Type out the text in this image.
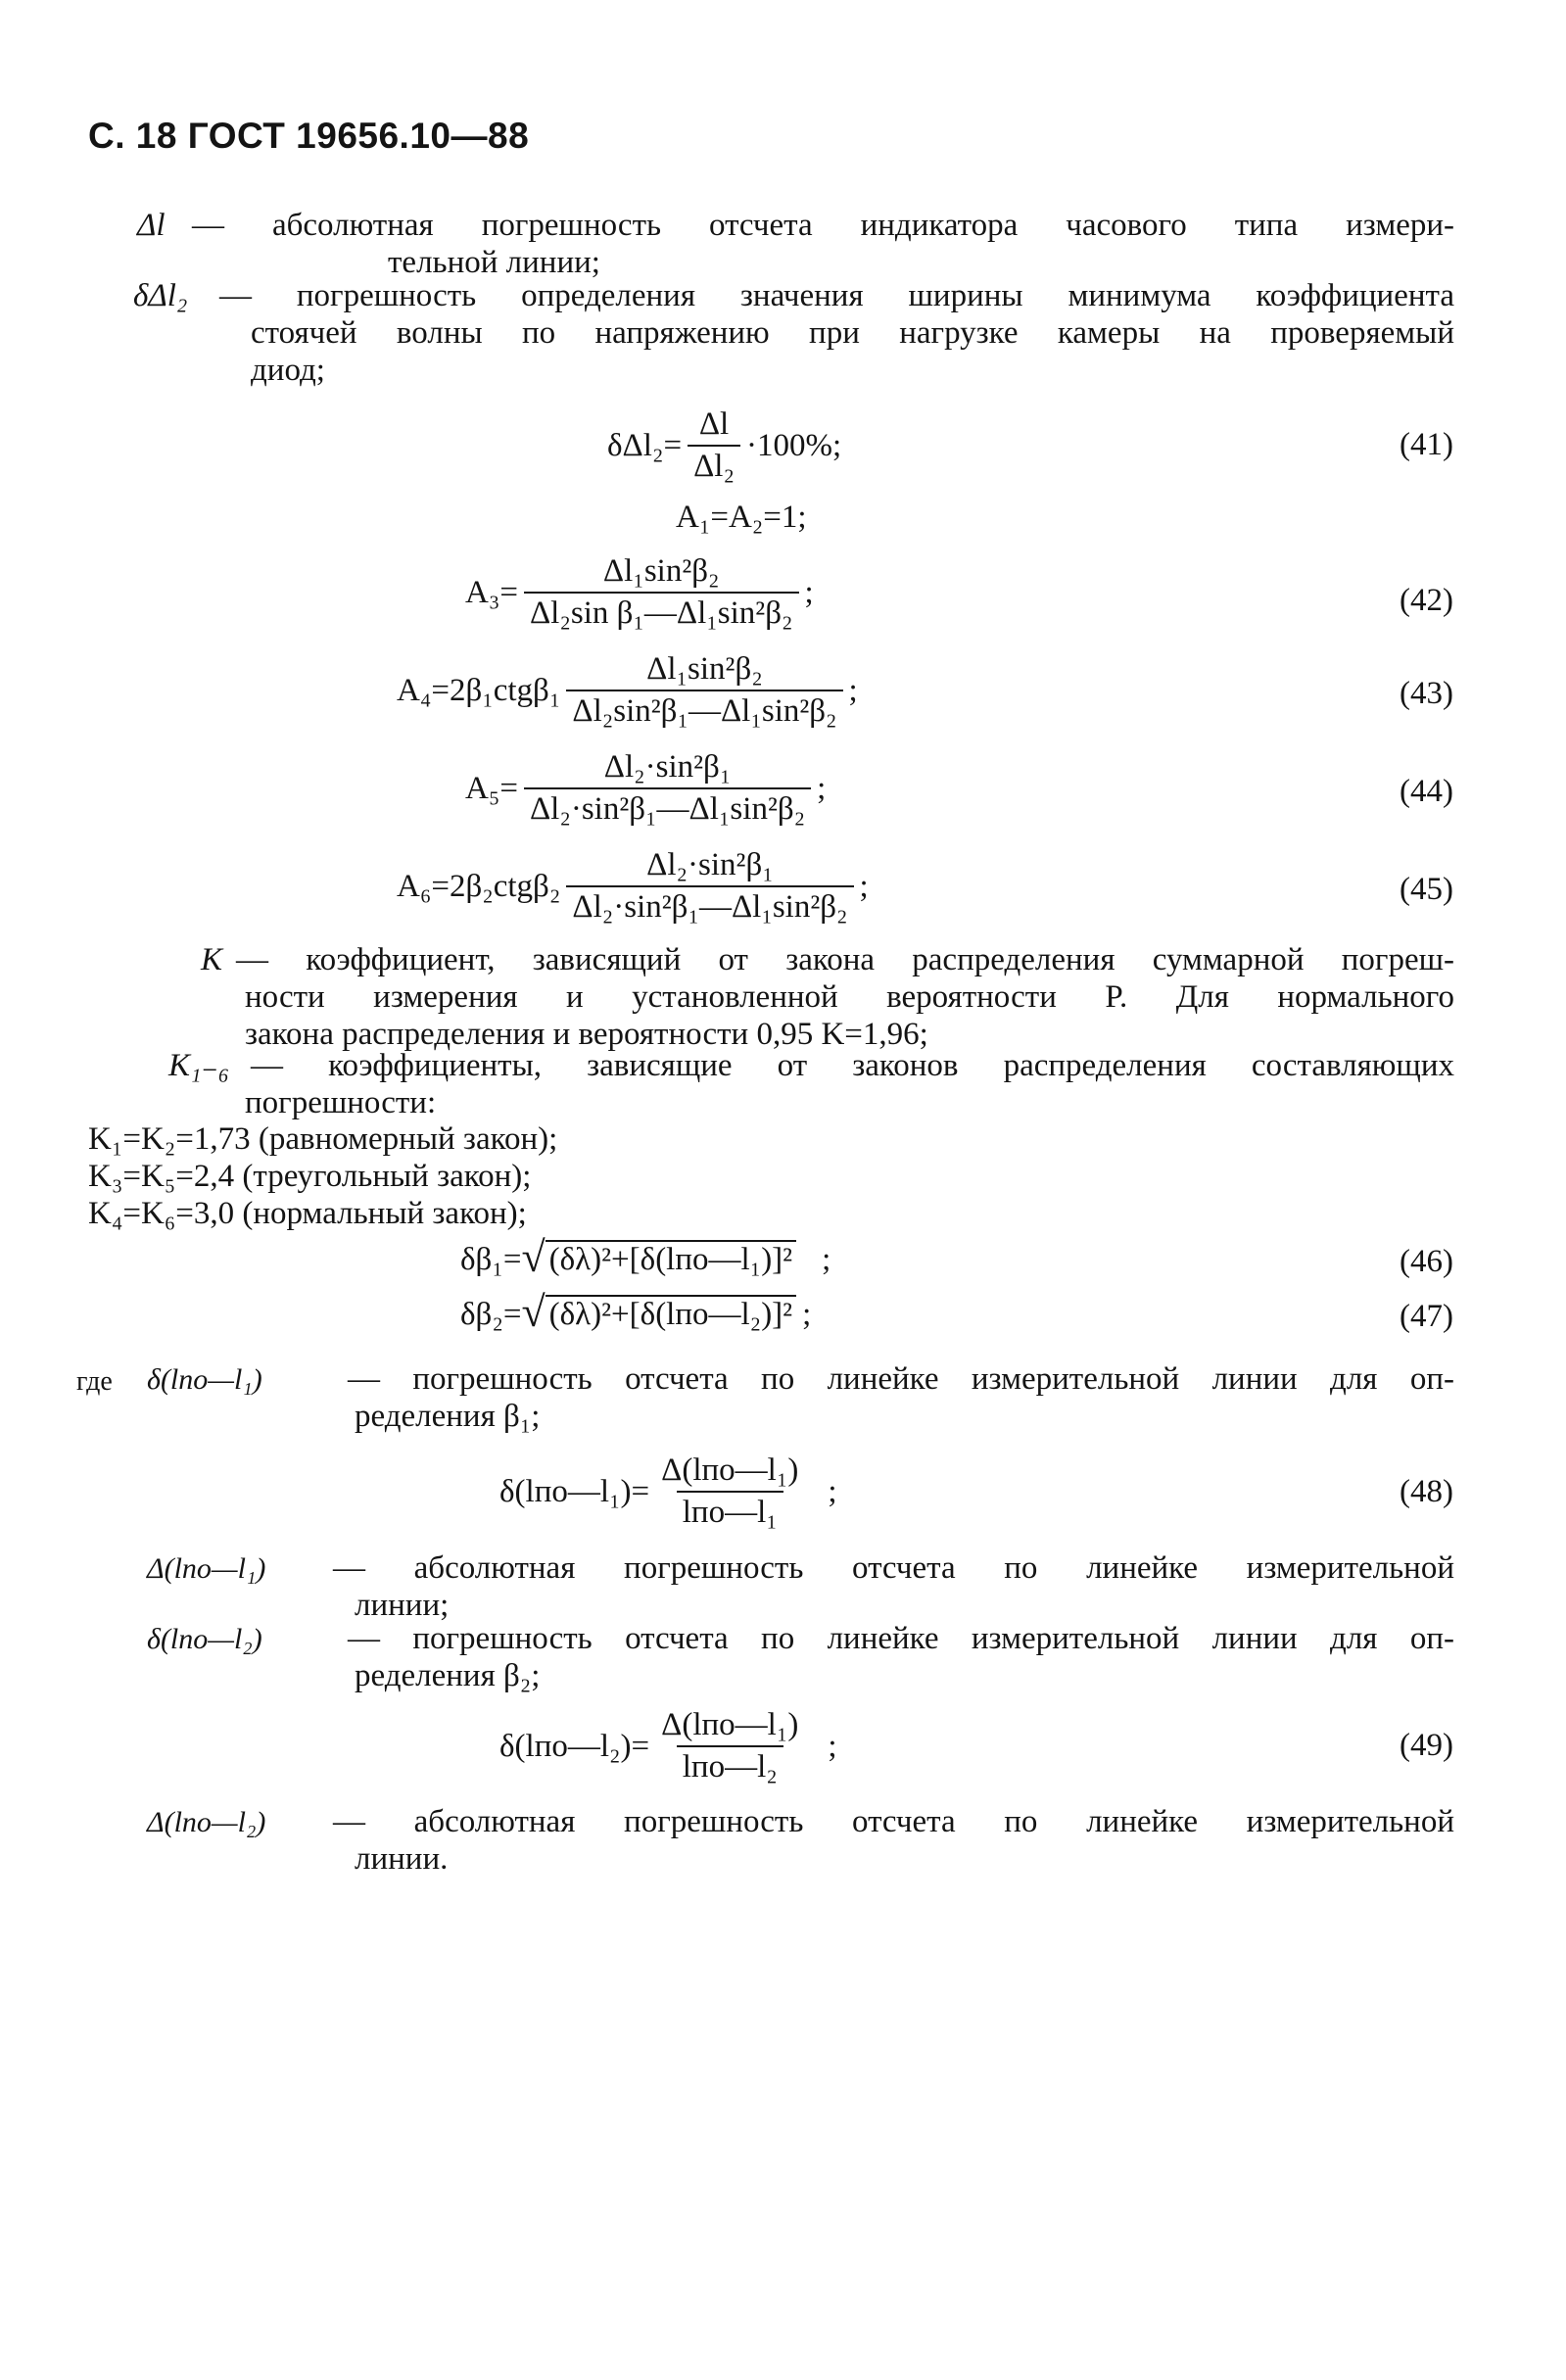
С. 18 ГОСТ 19656.10—88
Δl — абсолютная погрешность отсчета индикатора часового типа измери-
тельной линии;
δΔl₂ — погрешность определения значения ширины минимума коэффициента
стоячей волны по напряжению при нагрузке камеры на проверяемый
диод;
$\delta\Delta l_2= \frac{\Delta l}{\text{Δl₂}} \cdot 100\%$;	(41)
A₁=A₂=1;
$A_3= \frac{\text{Δl₁sin²β₂}}{\text{Δl₂sin β₁—Δl₁sin²β₂}}$ ;	(42)
$A_4=2\beta_1ctg\beta_1 \frac{\text{Δl₁sin²β₂}}{\text{Δl₂sin²β₁—Δl₁sin²β₂}}$ ;	(43)
$A_5= \frac{\text{Δl₂·sin²β₁}}{\text{Δl₂·sin²β₁—Δl₁sin²β₂}}$ ;	(44)
$A_6=2\beta_2ctg\beta_2 \frac{\text{Δl₂·sin²β₁}}{\text{Δl₂·sin²β₁—Δl₁sin²β₂}}$ ;	(45)
K — коэффициент, зависящий от закона распределения суммарной погреш-
ности измерения и установленной вероятности P. Для нормального
закона распределения и вероятности 0,95 K=1,96;
K₁₋₆ — коэффициенты, зависящие от законов распределения составляющих
погрешности:
K₁=K₂=1,73 (равномерный закон);
K₃=K₅=2,4 (треугольный закон);
K₄=K₆=3,0 (нормальный закон);
δβ₁= √ (δλ)²+[δ(lпо—l₁)]² ;	(46)
δβ₂= √ (δλ)²+[δ(lпо—l₂)]² ;	(47)
где δ(lпо—l₁)	— погрешность отсчета по линейке измерительной линии для оп-
ределения β₁;
δ(lпо—l₁)= $\frac{\text{Δ(lпо—l₁)}}{\text{lпо—l₁}}$ ;	(48)
Δ(lпо—l₁) — абсолютная погрешность отсчета по линейке измерительной
линии;
δ(lпо—l₂)	— погрешность отсчета по линейке измерительной линии для оп-
ределения β₂;
δ(lпо—l₂)= $\frac{\text{Δ(lпо—l₁)}}{\text{lпо—l₂}}$ ;	(49)
Δ(lпо—l₂) — абсолютная погрешность отсчета по линейке измерительной
линии.
